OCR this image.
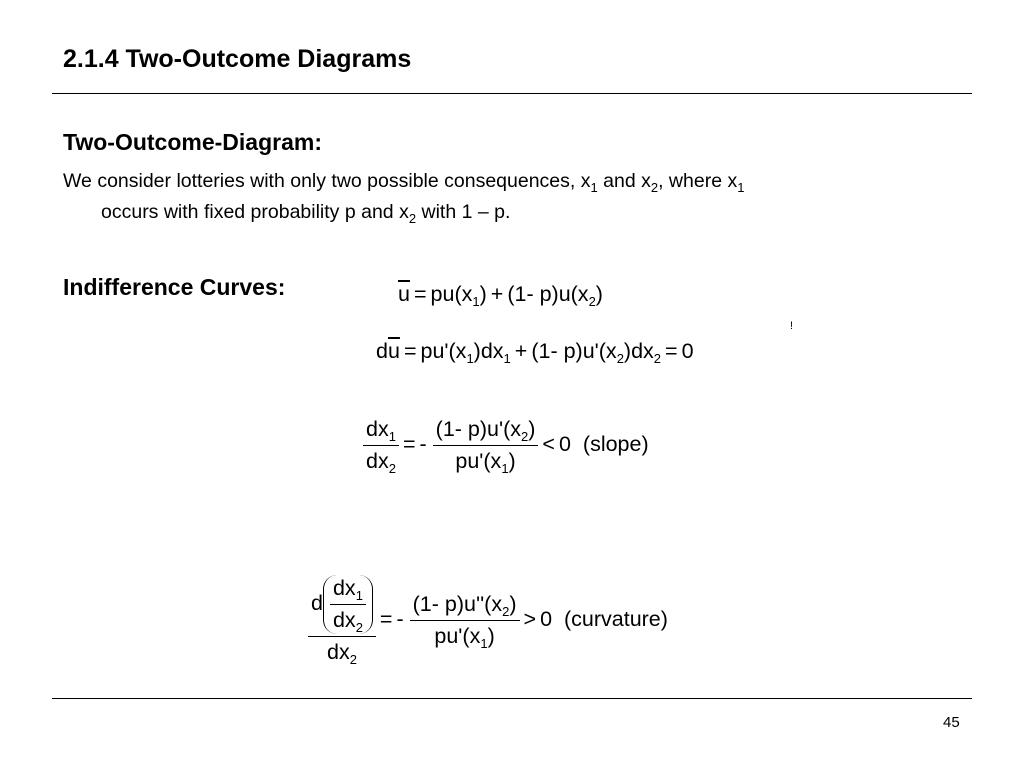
2.1.4 Two-Outcome Diagrams
Two-Outcome-Diagram:
We consider lotteries with only two possible consequences, $x_1$ and $x_2$, where $x_1$
occurs with fixed probability p and $x_2$ with 1 – p.
Indifference Curves:	$\overline{u} = pu(x_1) + (1-$ $p)u(x_2)$
!
$d\overline{u} = pu'(x_1)dx_1 + (1-$ $p)u'(x_2)dx_2 = 0$
$\frac{dx_1}{dx_2}$ = - $\frac{(1- p)u'(x_2)}{pu'(x_1)} < 0$ (slope)
$\frac{d \frac{dx_1}{dx_2}}{dx_2}$ = - $\frac{(1- p)u''(x_2)}{pu'(x_1)} > 0$ (curvature)
45
